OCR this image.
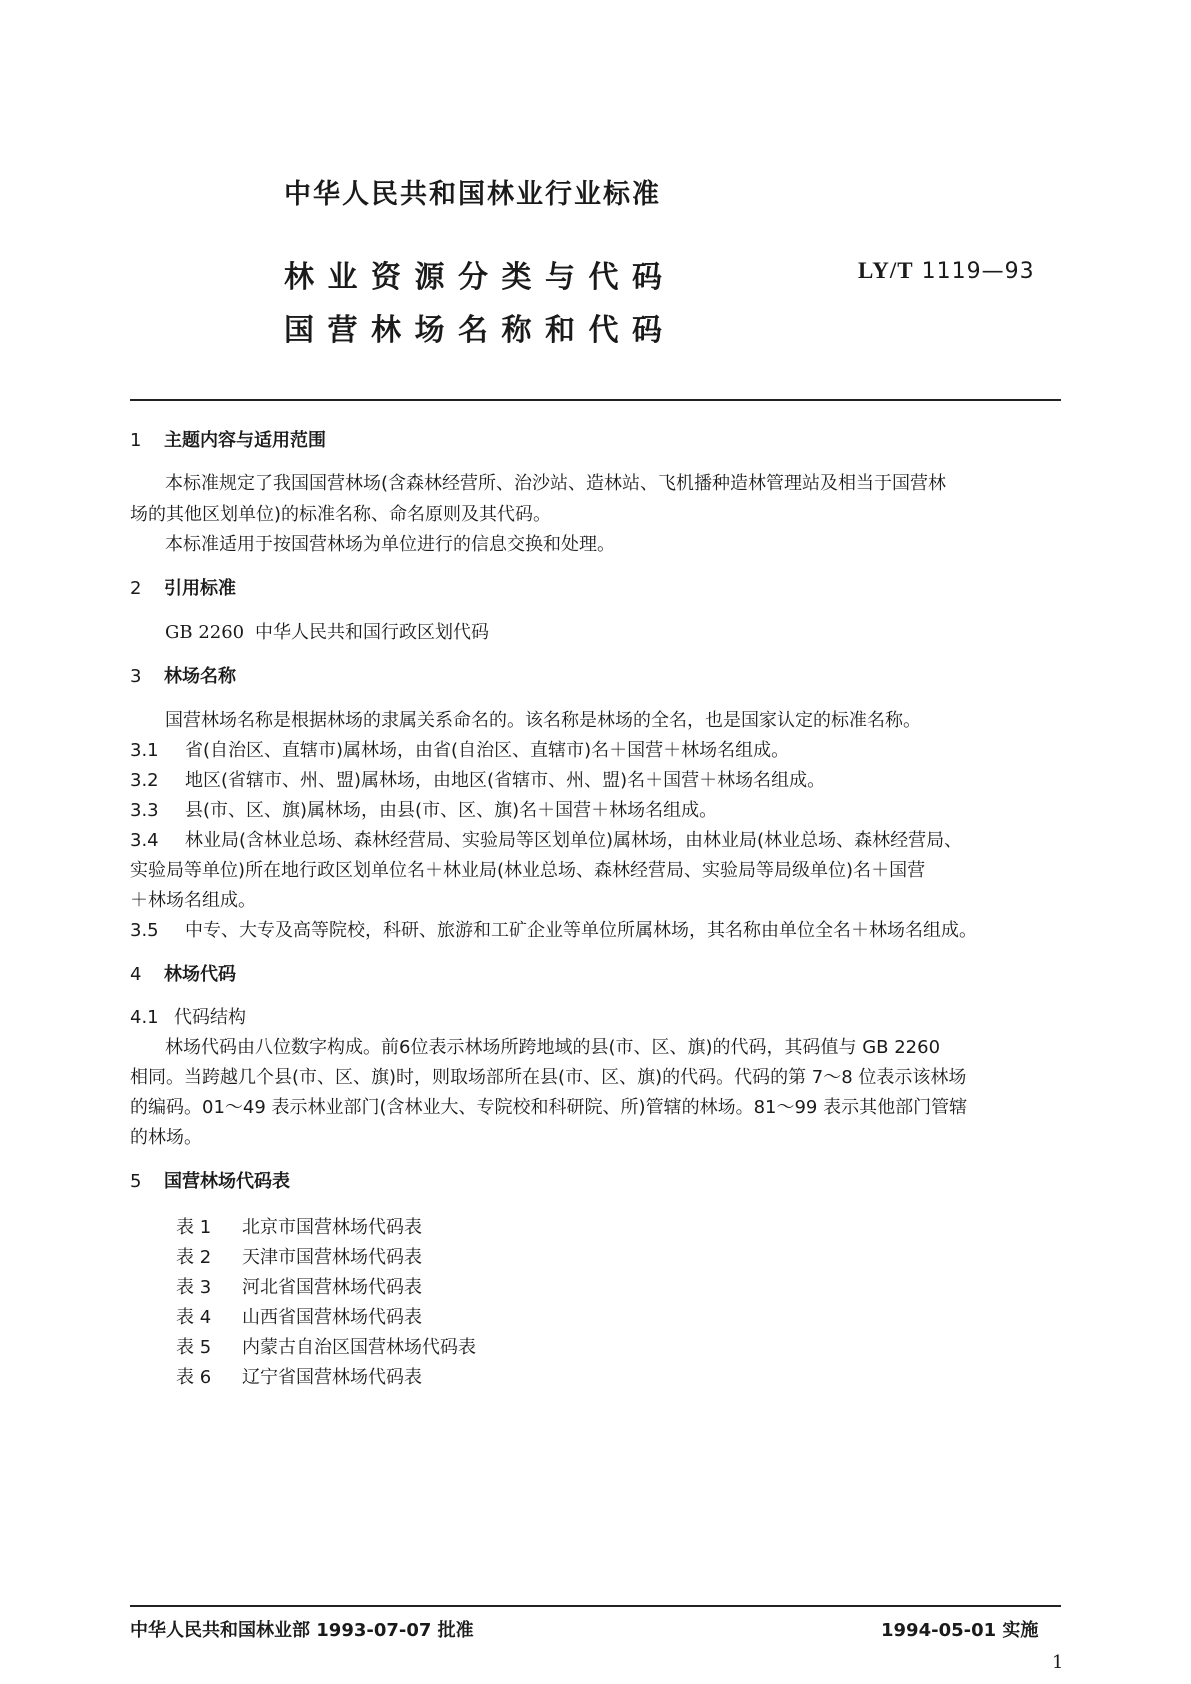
中华人民共和国林业行业标准
林业资源分类与代码
国营林场名称和代码
LY/T 1119—93
1 主题内容与适用范围
本标准规定了我国国营林场(含森林经营所、治沙站、造林站、飞机播种造林管理站及相当于国营林
场的其他区划单位)的标准名称、命名原则及其代码。
本标准适用于按国营林场为单位进行的信息交换和处理。
2 引用标准
GB 2260 中华人民共和国行政区划代码
3 林场名称
国营林场名称是根据林场的隶属关系命名的。该名称是林场的全名，也是国家认定的标准名称。
3.1 省(自治区、直辖市)属林场，由省(自治区、直辖市)名＋国营＋林场名组成。
3.2 地区(省辖市、州、盟)属林场，由地区(省辖市、州、盟)名＋国营＋林场名组成。
3.3 县(市、区、旗)属林场，由县(市、区、旗)名＋国营＋林场名组成。
3.4 林业局(含林业总场、森林经营局、实验局等区划单位)属林场，由林业局(林业总场、森林经营局、
实验局等单位)所在地行政区划单位名＋林业局(林业总场、森林经营局、实验局等局级单位)名＋国营
＋林场名组成。
3.5 中专、大专及高等院校，科研、旅游和工矿企业等单位所属林场，其名称由单位全名＋林场名组成。
4 林场代码
4.1 代码结构
林场代码由八位数字构成。前6位表示林场所跨地域的县(市、区、旗)的代码，其码值与 GB 2260
相同。当跨越几个县(市、区、旗)时，则取场部所在县(市、区、旗)的代码。代码的第 7～8 位表示该林场
的编码。01～49 表示林业部门(含林业大、专院校和科研院、所)管辖的林场。81～99 表示其他部门管辖
的林场。
5 国营林场代码表
表 1 北京市国营林场代码表
表 2 天津市国营林场代码表
表 3 河北省国营林场代码表
表 4 山西省国营林场代码表
表 5 内蒙古自治区国营林场代码表
表 6 辽宁省国营林场代码表
中华人民共和国林业部 1993-07-07 批准	1994-05-01 实施
1
